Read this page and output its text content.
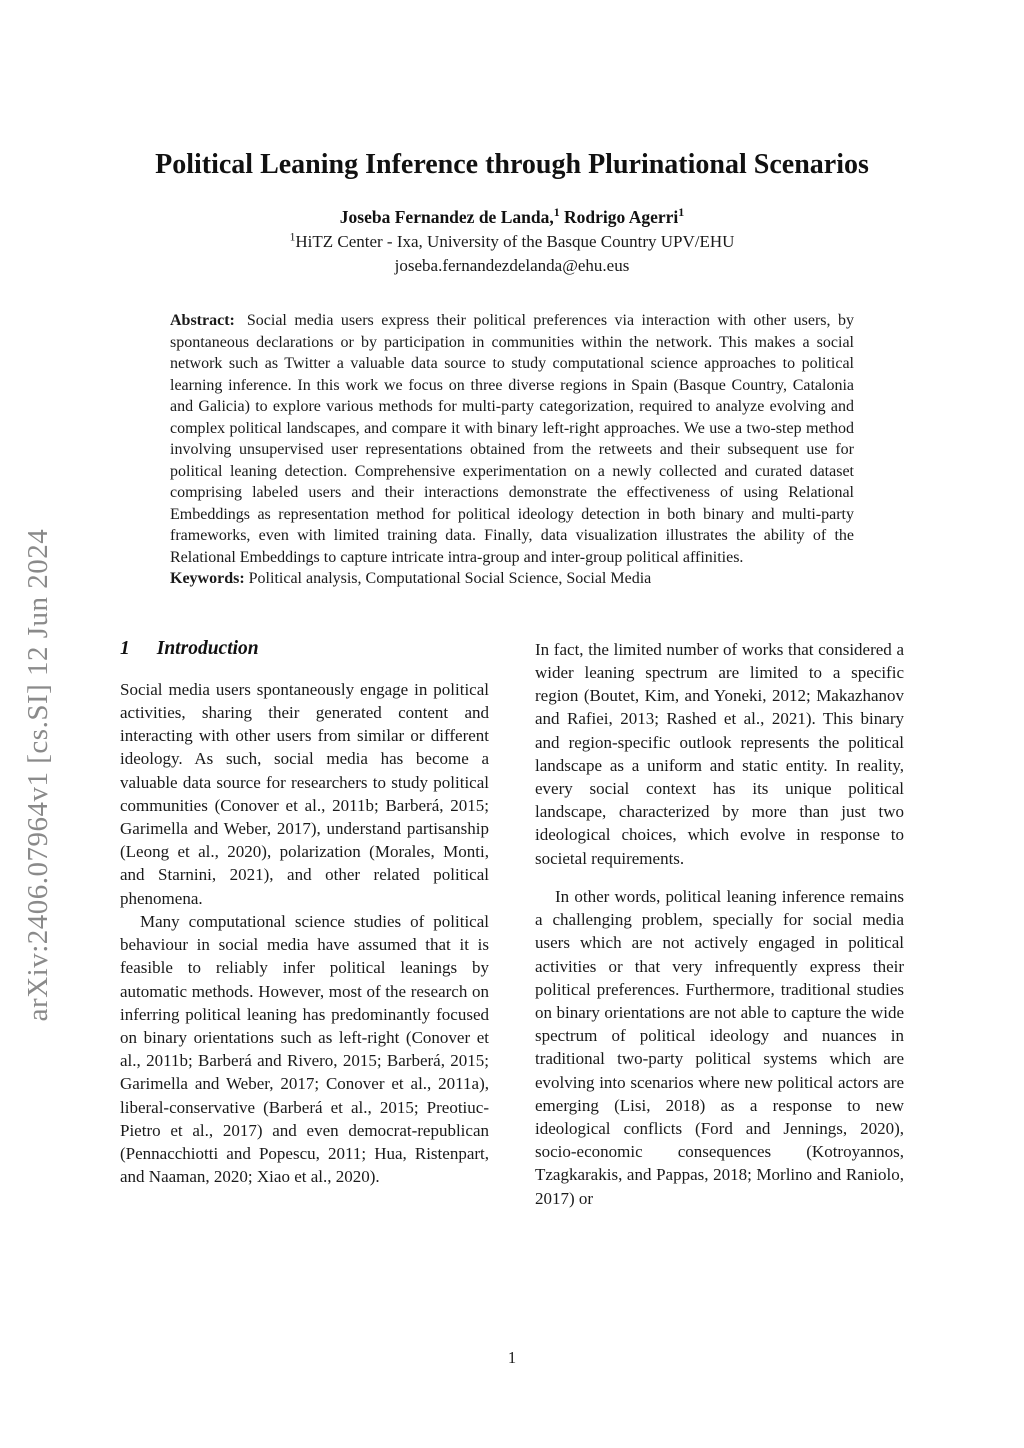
arXiv:2406.07964v1 [cs.SI] 12 Jun 2024
Political Leaning Inference through Plurinational Scenarios
Joseba Fernandez de Landa,$^1$ Rodrigo Agerri$^1$
$^1$HiTZ Center - Ixa, University of the Basque Country UPV/EHU
joseba.fernandezdelanda@ehu.eus

Abstract: Social media users express their political preferences via interaction with other users, by spontaneous declarations or by participation in communities within the network. This makes a social network such as Twitter a valuable data source to study computational science approaches to political learning inference. In this work we focus on three diverse regions in Spain (Basque Country, Catalonia and Galicia) to explore various methods for multi-party categorization, required to analyze evolving and complex political landscapes, and compare it with binary left-right approaches. We use a two-step method involving unsupervised user representations obtained from the retweets and their subsequent use for political leaning detection. Comprehensive experimentation on a newly collected and curated dataset comprising labeled users and their interactions demonstrate the effectiveness of using Relational Embeddings as representation method for political ideology detection in both binary and multi-party frameworks, even with limited training data. Finally, data visualization illustrates the ability of the Relational Embeddings to capture intricate intra-group and inter-group political affinities.

Keywords: Political analysis, Computational Social Science, Social Media

1 Introduction

Social media users spontaneously engage in political activities, sharing their generated content and interacting with other users from similar or different ideology. As such, social media has become a valuable data source for researchers to study political communities (Conover et al., 2011b; Barberá, 2015; Garimella and Weber, 2017), understand partisanship (Leong et al., 2020), polarization (Morales, Monti, and Starnini, 2021), and other related political phenomena.

Many computational science studies of political behaviour in social media have assumed that it is feasible to reliably infer political leanings by automatic methods. However, most of the research on inferring political leaning has predominantly focused on binary orientations such as left-right (Conover et al., 2011b; Barberá and Rivero, 2015; Barberá, 2015; Garimella and Weber, 2017; Conover et al., 2011a), liberal-conservative (Barberá et al., 2015; Preotiuc-Pietro et al., 2017) and even democrat-republican (Pennacchiotti and Popescu, 2011; Hua, Ristenpart, and Naaman, 2020; Xiao et al., 2020).

In fact, the limited number of works that considered a wider leaning spectrum are limited to a specific region (Boutet, Kim, and Yoneki, 2012; Makazhanov and Rafiei, 2013; Rashed et al., 2021). This binary and region-specific outlook represents the political landscape as a uniform and static entity. In reality, every social context has its unique political landscape, characterized by more than just two ideological choices, which evolve in response to societal requirements.

In other words, political leaning inference remains a challenging problem, specially for social media users which are not actively engaged in political activities or that very infrequently express their political preferences. Furthermore, traditional studies on binary orientations are not able to capture the wide spectrum of political ideology and nuances in traditional two-party political systems which are evolving into scenarios where new political actors are emerging (Lisi, 2018) as a response to new ideological conflicts (Ford and Jennings, 2020), socio-economic consequences (Kotroyannos, Tzagkarakis, and Pappas, 2018; Morlino and Raniolo, 2017) or

1
